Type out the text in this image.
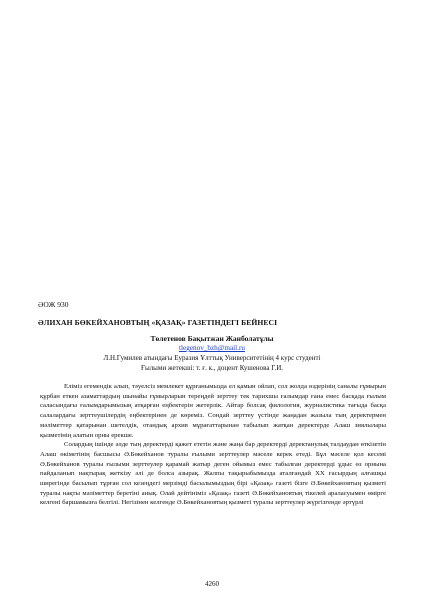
ӘОЖ 930
ӘЛИХАН БӨКЕЙХАНОВТЫҢ «ҚАЗАҚ» ГАЗЕТІНДЕГІ БЕЙНЕСІ
Төлетенов Бақытжан Жанболатұлы
tlegenov_bzh@mail.ru
Л.Н.Гумилев атындағы Еуразия Ұлттық Университетінің 4 курс студенті
Ғылыми жетекші: т. ғ. к., доцент Кушенова Г.И.

Еліміз егемендік алып, тәуелсіз мемлекет құрғанымызда ел қамын ойлап, сол жолда өздерінің саналы ғұмырын құрбан еткен азаматтардың шынайы ғұмырларын тереңдей зерттеу тек тарихшы ғалымдар ғана емес басқада ғылым саласындағы ғалымдарымызың атқарған еңбектерін жетерлік. Айтар болсақ филология, журналистика тағыда басқа салалардағы зерттеушілердің еңбектерінен де көреміз. Сондай зерттеу үстінде жаңадан жазыла тың деректермен мәліметтер қатарынан шетелдік, отандық архив мұрағаттарынан табылып жатқан деректерде Алаш зиялылары қызметінің алатын орны ерекше.

Солардың ішінде әлде тың деректерді қажет ететін және жаңа бар деректерді деректанулық талдаудан өткізетін Алаш өкіметінің басшысы Ә.Бөкейханов туралы ғылыми зерттеулер мәселе керек етеді. Бұл мәселе қол кесемі Ә.Бөкейханов туралы ғылыми зерттеулер қарамай жатыр деген ойымыз емес табылған деректерді ұдыс өз орнына пайдаланып нақтырақ жеткізу әлі де болса азырақ. Жалпы тақырыбымызда аталғандай ХХ ғасырдың алғашқы ширегінде басылып тұрған сол кезеңдегі мерзімді басылымыздың бірі «Қазақ» газеті бізге Ә.Бөкейхановтың қызметі туралы нақты мәліметтер беретіні анық. Олай дейтініміз «Қазақ» газеті Ә.Бөкейхановтың тікелей араласуымен өмірге келгені баршамызға белгілі. Негізінен келгенде Ә.Бөкейхановтың қызметі туралы зерттеулер жүргізгенде әртүрлі

4260
